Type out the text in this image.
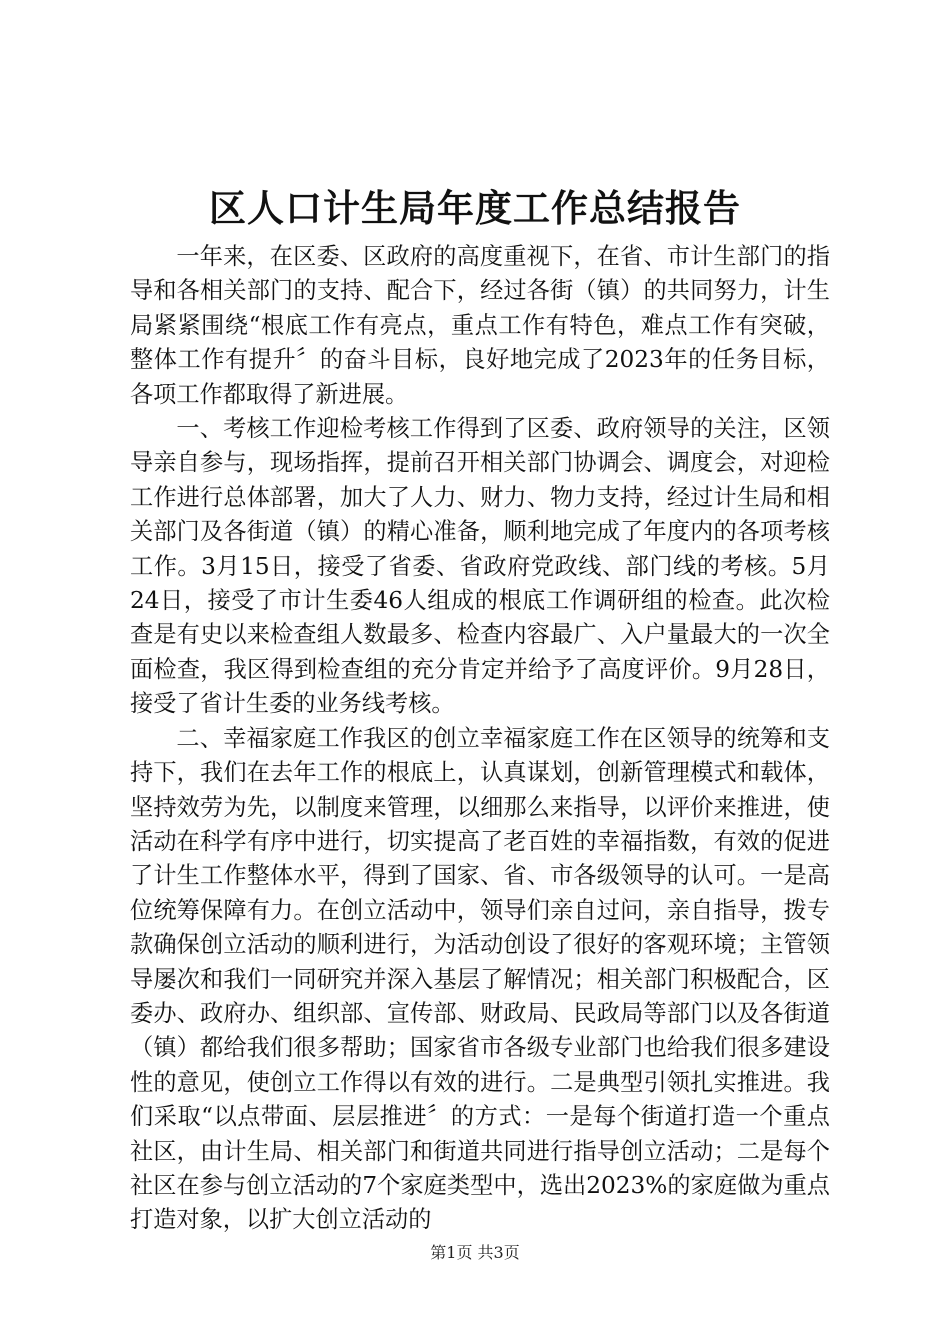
区人口计生局年度工作总结报告

一年来，在区委、区政府的高度重视下，在省、市计生部门的指导和各相关部门的支持、配合下，经过各街（镇）的共同努力，计生局紧紧围绕“根底工作有亮点，重点工作有特色，难点工作有突破，整体工作有提升〞的奋斗目标，良好地完成了2023年的任务目标，各项工作都取得了新进展。

一、考核工作迎检考核工作得到了区委、政府领导的关注，区领导亲自参与，现场指挥，提前召开相关部门协调会、调度会，对迎检工作进行总体部署，加大了人力、财力、物力支持，经过计生局和相关部门及各街道（镇）的精心准备，顺利地完成了年度内的各项考核工作。3月15日，接受了省委、省政府党政线、部门线的考核。5月24日，接受了市计生委46人组成的根底工作调研组的检查。此次检查是有史以来检查组人数最多、检查内容最广、入户量最大的一次全面检查，我区得到检查组的充分肯定并给予了高度评价。9月28日，接受了省计生委的业务线考核。

二、幸福家庭工作我区的创立幸福家庭工作在区领导的统筹和支持下，我们在去年工作的根底上，认真谋划，创新管理模式和载体，坚持效劳为先，以制度来管理，以细那么来指导，以评价来推进，使活动在科学有序中进行，切实提高了老百姓的幸福指数，有效的促进了计生工作整体水平，得到了国家、省、市各级领导的认可。一是高位统筹保障有力。在创立活动中，领导们亲自过问，亲自指导，拨专款确保创立活动的顺利进行，为活动创设了很好的客观环境；主管领导屡次和我们一同研究并深入基层了解情况；相关部门积极配合，区委办、政府办、组织部、宣传部、财政局、民政局等部门以及各街道（镇）都给我们很多帮助；国家省市各级专业部门也给我们很多建设性的意见，使创立工作得以有效的进行。二是典型引领扎实推进。我们采取“以点带面、层层推进〞的方式：一是每个街道打造一个重点社区，由计生局、相关部门和街道共同进行指导创立活动；二是每个社区在参与创立活动的7个家庭类型中，选出2023%的家庭做为重点打造对象，以扩大创立活动的

第1页 共3页
